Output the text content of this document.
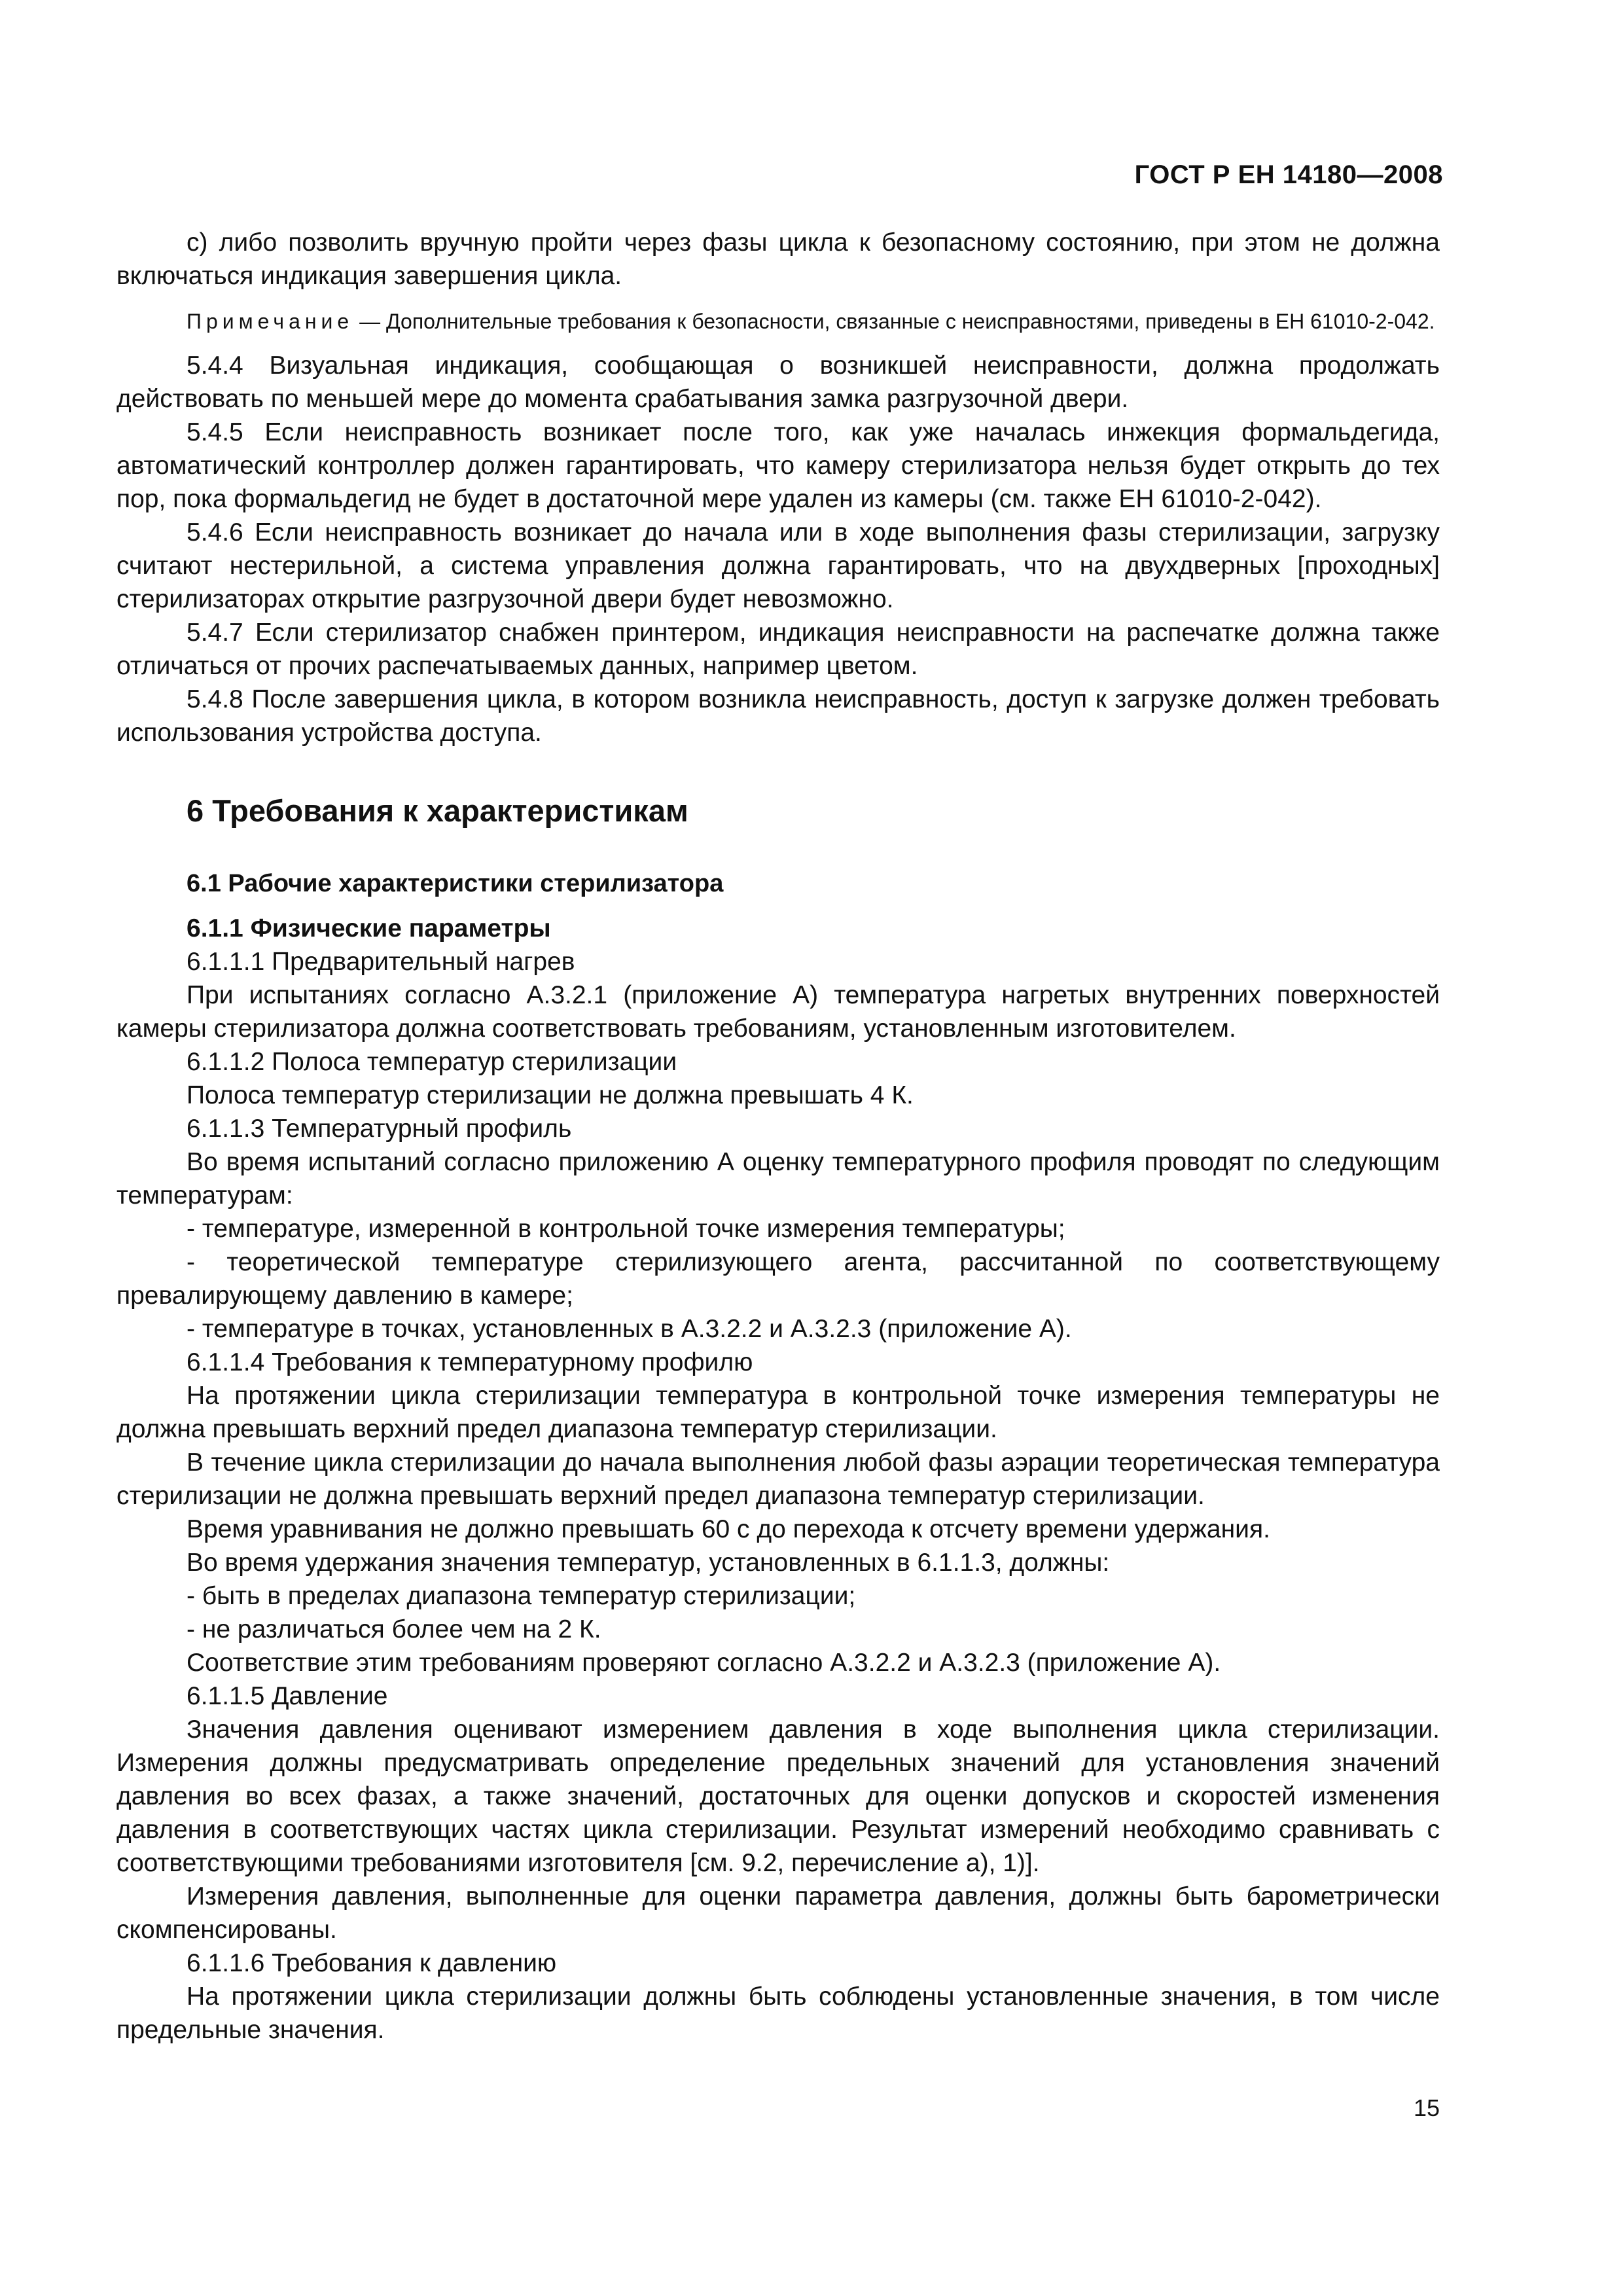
ГОСТ Р ЕН 14180—2008

c) либо позволить вручную пройти через фазы цикла к безопасному состоянию, при этом не должна включаться индикация завершения цикла.

Примечание — Дополнительные требования к безопасности, связанные с неисправностями, приведены в ЕН 61010-2-042.

5.4.4 Визуальная индикация, сообщающая о возникшей неисправности, должна продолжать действовать по меньшей мере до момента срабатывания замка разгрузочной двери.

5.4.5 Если неисправность возникает после того, как уже началась инжекция формальдегида, автоматический контроллер должен гарантировать, что камеру стерилизатора нельзя будет открыть до тех пор, пока формальдегид не будет в достаточной мере удален из камеры (см. также ЕН 61010-2-042).

5.4.6 Если неисправность возникает до начала или в ходе выполнения фазы стерилизации, загрузку считают нестерильной, а система управления должна гарантировать, что на двухдверных [проходных] стерилизаторах открытие разгрузочной двери будет невозможно.

5.4.7 Если стерилизатор снабжен принтером, индикация неисправности на распечатке должна также отличаться от прочих распечатываемых данных, например цветом.

5.4.8 После завершения цикла, в котором возникла неисправность, доступ к загрузке должен требовать использования устройства доступа.

6 Требования к характеристикам
6.1 Рабочие характеристики стерилизатора
6.1.1 Физические параметры

6.1.1.1 Предварительный нагрев

При испытаниях согласно А.3.2.1 (приложение А) температура нагретых внутренних поверхностей камеры стерилизатора должна соответствовать требованиям, установленным изготовителем.

6.1.1.2 Полоса температур стерилизации

Полоса температур стерилизации не должна превышать 4 К.

6.1.1.3 Температурный профиль

Во время испытаний согласно приложению А оценку температурного профиля проводят по следующим температурам:

- температуре, измеренной в контрольной точке измерения температуры;

- теоретической температуре стерилизующего агента, рассчитанной по соответствующему превалирующему давлению в камере;

- температуре в точках, установленных в А.3.2.2 и А.3.2.3 (приложение А).

6.1.1.4 Требования к температурному профилю

На протяжении цикла стерилизации температура в контрольной точке измерения температуры не должна превышать верхний предел диапазона температур стерилизации.

В течение цикла стерилизации до начала выполнения любой фазы аэрации теоретическая температура стерилизации не должна превышать верхний предел диапазона температур стерилизации.

Время уравнивания не должно превышать 60 с до перехода к отсчету времени удержания.

Во время удержания значения температур, установленных в 6.1.1.3, должны:

- быть в пределах диапазона температур стерилизации;

- не различаться более чем на 2 К.

Соответствие этим требованиям проверяют согласно А.3.2.2 и А.3.2.3 (приложение А).

6.1.1.5 Давление

Значения давления оценивают измерением давления в ходе выполнения цикла стерилизации. Измерения должны предусматривать определение предельных значений для установления значений давления во всех фазах, а также значений, достаточных для оценки допусков и скоростей изменения давления в соответствующих частях цикла стерилизации. Результат измерений необходимо сравнивать с соответствующими требованиями изготовителя [см. 9.2, перечисление а), 1)].

Измерения давления, выполненные для оценки параметра давления, должны быть барометрически скомпенсированы.

6.1.1.6 Требования к давлению

На протяжении цикла стерилизации должны быть соблюдены установленные значения, в том числе предельные значения.

15
